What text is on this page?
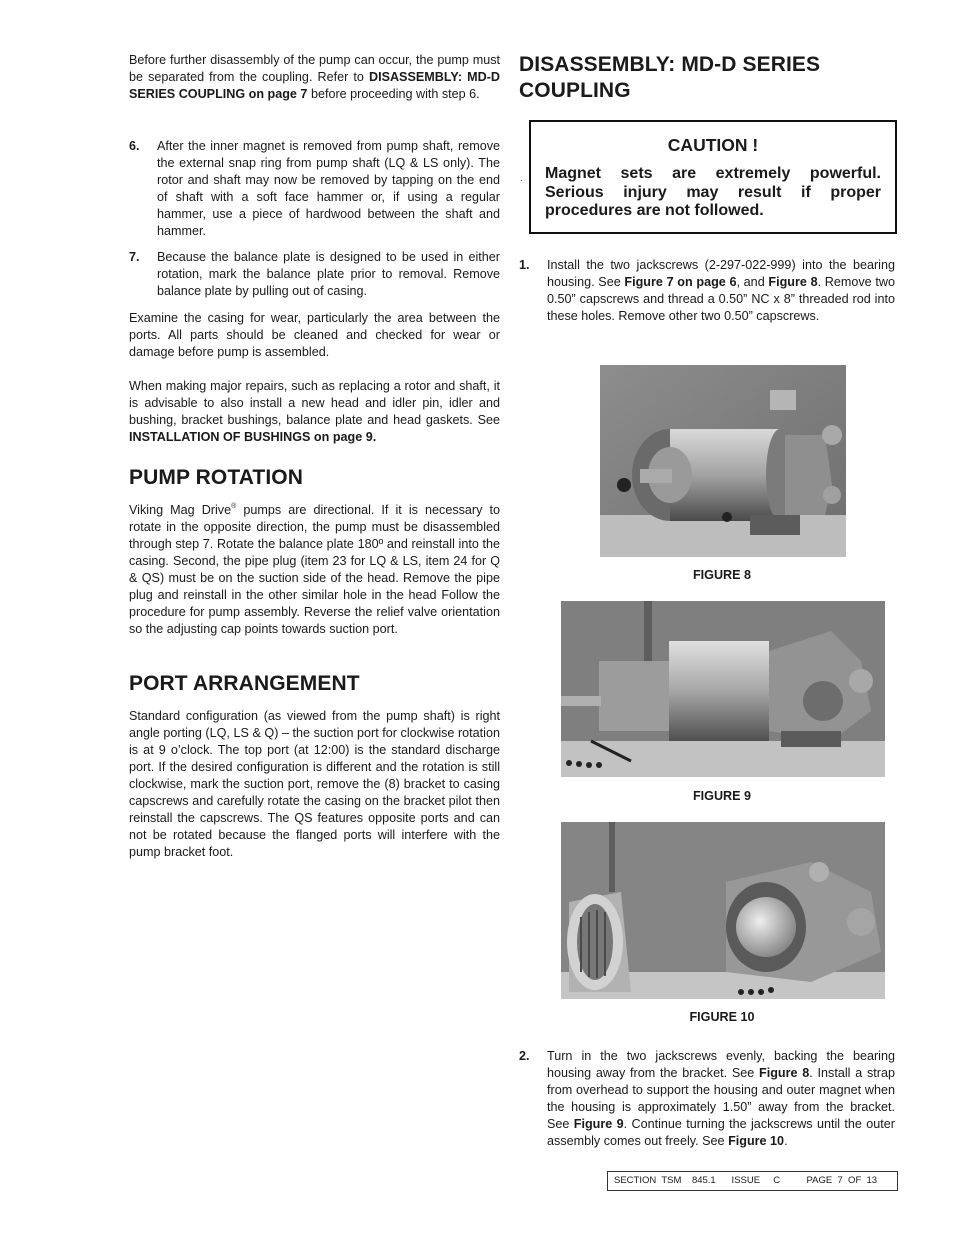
Before further disassembly of the pump can occur, the pump must be separated from the coupling. Refer to DISASSEMBLY: MD-D SERIES COUPLING on page 7 before proceeding with step 6.

6. After the inner magnet is removed from pump shaft, remove the external snap ring from pump shaft (LQ & LS only). The rotor and shaft may now be removed by tapping on the end of shaft with a soft face hammer or, if using a regular hammer, use a piece of hardwood between the shaft and hammer.
7. Because the balance plate is designed to be used in either rotation, mark the balance plate prior to removal. Remove balance plate by pulling out of casing.

Examine the casing for wear, particularly the area between the ports. All parts should be cleaned and checked for wear or damage before pump is assembled.

When making major repairs, such as replacing a rotor and shaft, it is advisable to also install a new head and idler pin, idler and bushing, bracket bushings, balance plate and head gaskets. See INSTALLATION OF BUSHINGS on page 9.

PUMP ROTATION

Viking Mag Drive® pumps are directional. If it is necessary to rotate in the opposite direction, the pump must be disassembled through step 7. Rotate the balance plate 180º and reinstall into the casing. Second, the pipe plug (item 23 for LQ & LS, item 24 for Q & QS) must be on the suction side of the head. Remove the pipe plug and reinstall in the other similar hole in the head Follow the procedure for pump assembly. Reverse the relief valve orientation so the adjusting cap points towards suction port.

PORT ARRANGEMENT

Standard configuration (as viewed from the pump shaft) is right angle porting (LQ, LS & Q) – the suction port for clockwise rotation is at 9 o’clock. The top port (at 12:00) is the standard discharge port. If the desired configuration is different and the rotation is still clockwise, mark the suction port, remove the (8) bracket to casing capscrews and carefully rotate the casing on the bracket pilot then reinstall the capscrews. The QS features opposite ports and can not be rotated because the flanged ports will interfere with the pump bracket foot.

DISASSEMBLY: MD-D SERIES
COUPLING
CAUTION !
Magnet sets are extremely powerful. Serious injury may result if proper procedures are not followed.
.
1. Install the two jackscrews (2-297-022-999) into the bearing housing. See Figure 7 on page 6, and Figure 8. Remove two 0.50” capscrews and thread a 0.50” NC x 8” threaded rod into these holes. Remove other two 0.50” capscrews.
FIGURE 8
FIGURE 9
FIGURE 10
2. Turn in the two jackscrews evenly, backing the bearing housing away from the bracket. See Figure 8. Install a strap from overhead to support the housing and outer magnet when the housing is approximately 1.50” away from the bracket. See Figure 9. Continue turning the jackscrews until the outer assembly comes out freely. See Figure 10.
SECTION  TSM    845.1      ISSUE     C          PAGE  7  OF  13
